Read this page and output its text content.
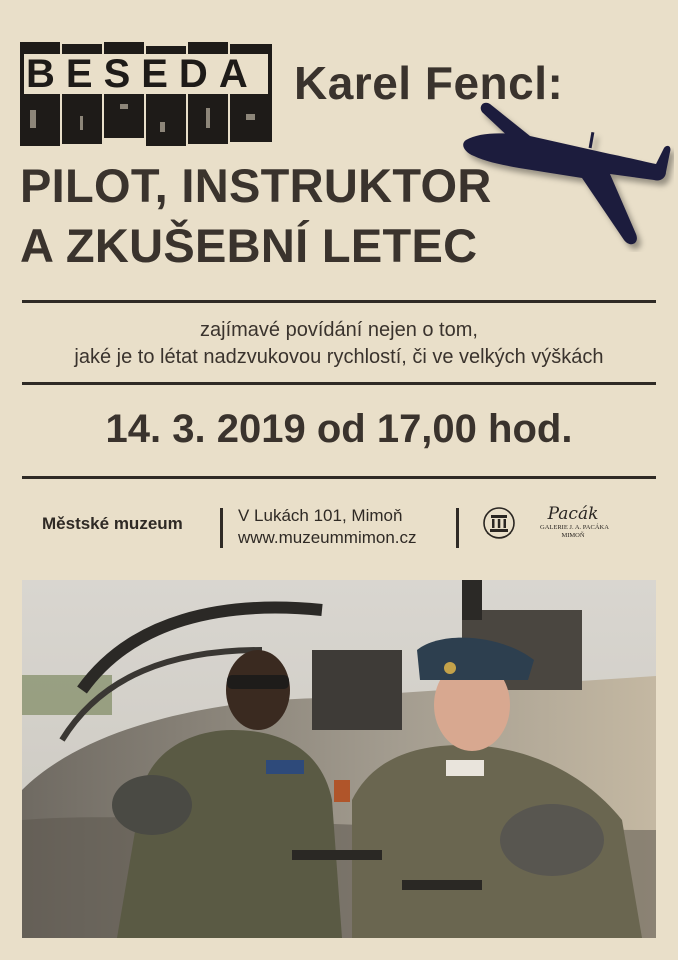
BESEDA Karel Fencl:
PILOT, INSTRUKTOR
A ZKUŠEBNÍ LETEC
zajímavé povídání nejen o tom,
jaké je to létat nadzvukovou rychlostí, či ve velkých výškách
14. 3. 2019 od 17,00 hod.
Městské muzeum	V Lukách 101, Mimoň
www.muzeummimon.cz
Pacák
GALERIE J. A. PACÁKA
MIMOŇ
